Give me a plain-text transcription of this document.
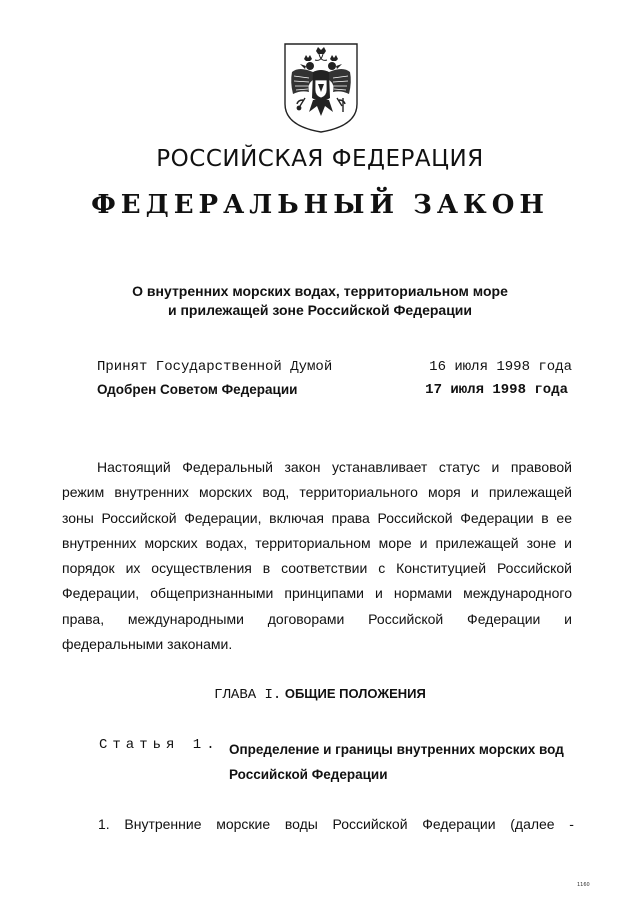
РОССИЙСКАЯ ФЕДЕРАЦИЯ
ФЕДЕРАЛЬНЫЙ ЗАКОН
О внутренних морских водах, территориальном море
и прилежащей зоне Российской Федерации
Принят Государственной Думой	16 июля 1998 года
Одобрен Советом Федерации	17 июля 1998 года
Настоящий Федеральный закон устанавливает статус и правовой
режим внутренних морских вод, территориального моря и прилежащей
зоны Российской Федерации, включая права Российской Федерации в ее
внутренних морских водах, территориальном море и прилежащей зоне и
порядок их осуществления в соответствии с Конституцией Российской
Федерации, общепризнанными принципами и нормами международного
права, международными договорами Российской Федерации и
федеральными законами.
ГЛАВА I. ОБЩИЕ ПОЛОЖЕНИЯ
Статья 1. Определение и границы внутренних морских вод
Российской Федерации
1. Внутренние морские воды Российской Федерации (далее -
1160
